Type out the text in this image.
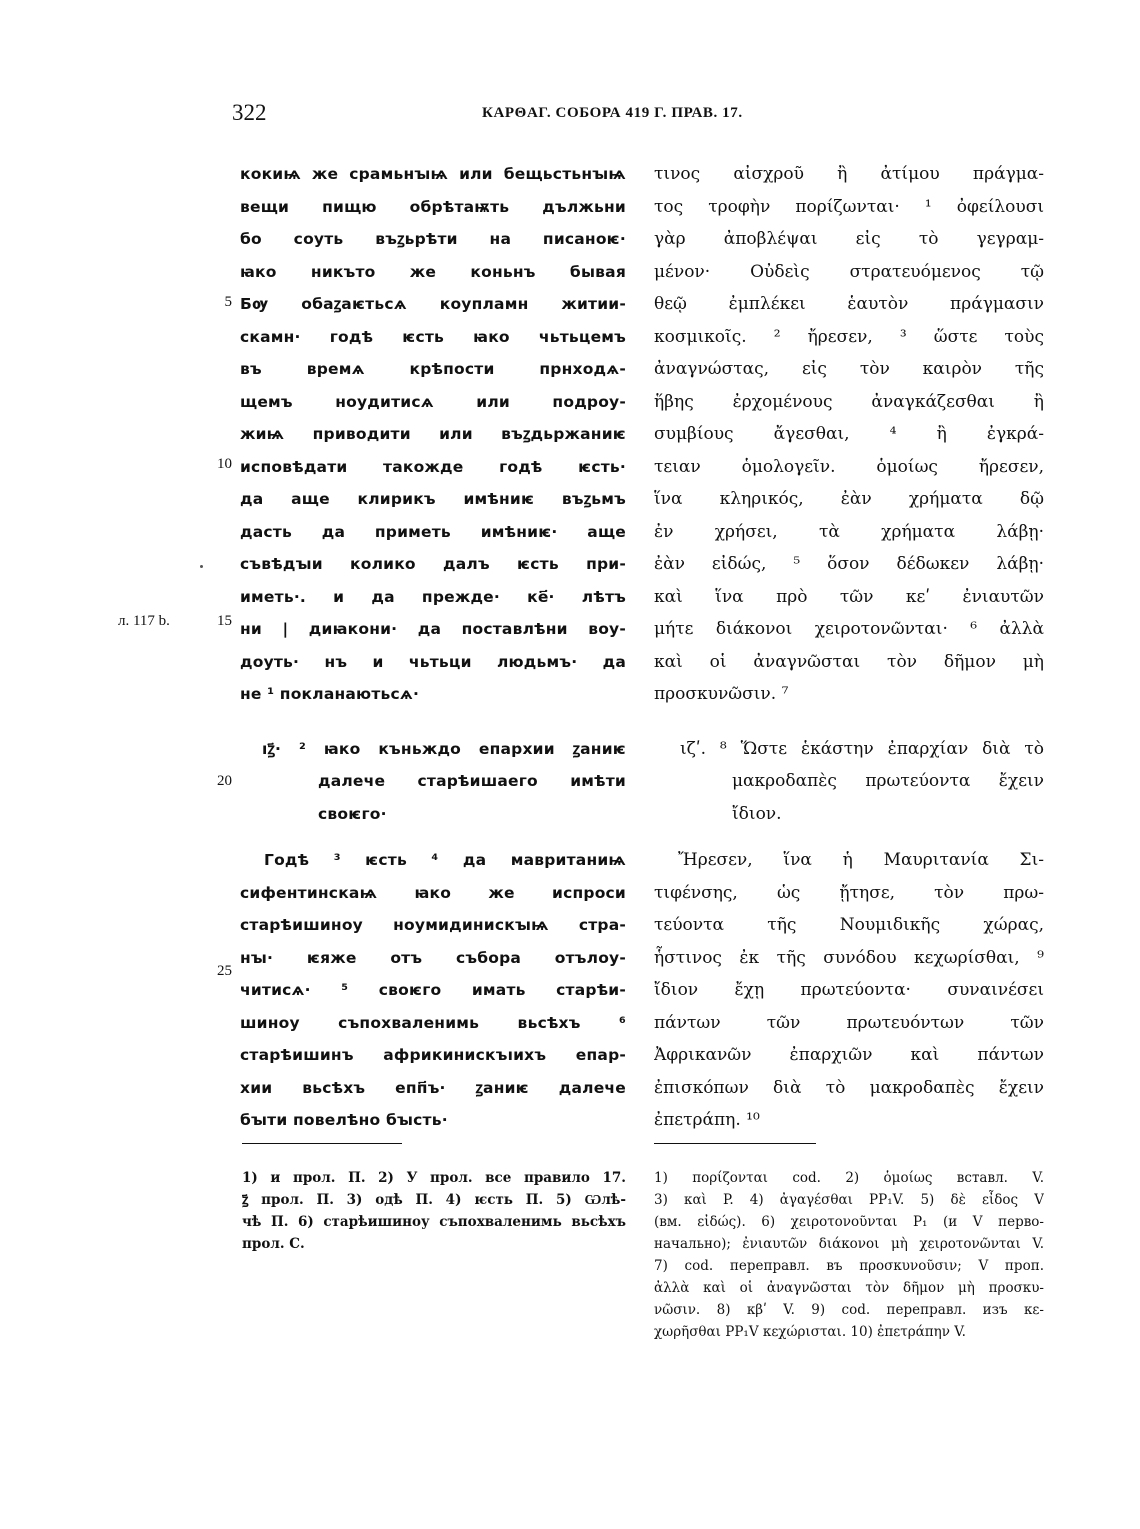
322	КАРΘАГ. СОБОРА 419 Г. ПРАВ. 17.
5
10
15
20
25
л. 117 b.
кокиѩ же срамьнꙑѩ или бещьстьнꙑѩ
вещи пищю обрѣтаѭть дължьни
бо соуть въꙁьрѣти на писаноѥ·
ꙗко никъто же коньнъ бывая
Бѹ обаꙁаѥтьсѧ коупламн житии-
скамн· годѣ ѥсть ꙗко чьтьцемъ
въ времѧ крѣпости прнходѧ-
щемъ ноудитисѧ или подроу-
жиѩ приводити или въꙁдьржаниѥ
исповѣдати такожде годѣ ѥсть·
да аще клирикъ имѣниѥ въꙁьмъ
дасть да приметь имѣниѥ· аще
съвѣдꙑи колико далъ ѥсть при-
иметь·. и да прежде· ке҃· лѣтъ
ни | диꙗкони· да поставлѣни воу-
доуть· нъ и чьтьци людьмъ· да
не ¹ покланаютьсѧ·
ıꙁ҃· ² ꙗко къньждо епархии ꙁаниѥ
далече старѣишаего имѣти
своѥго·
Годѣ ³ ѥсть ⁴ да мавританиѩ
сифентинскаѩ ꙗко же испроси
старѣишиноу ноумидинискꙑѩ стра-
нꙑ· ѥяже отъ събора отълоу-
читисѧ· ⁵ своѥго имать старѣи-
шиноу съпохваленимь вьсѣхъ ⁶
старѣишинъ африкинискъıихъ епар-
хии вьсѣхъ епп҃ъ· ꙁаниѥ далече
бꙑти повелѣно бꙑсть·
τινος αἰσχροῦ ἢ ἀτίμου πράγμα-
τος τροφὴν πορίζωνται· ¹ ὀφείλουσι
γὰρ ἀποβλέψαι εἰς τὸ γεγραμ-
μένον· Οὐδεὶς στρατευόμενος τῷ
θεῷ ἐμπλέκει ἑαυτὸν πράγμασιν
κοσμικοῖς. ² ἤρεσεν, ³ ὥστε τοὺς
ἀναγνώστας, εἰς τὸν καιρὸν τῆς
ἥβης ἐρχομένους ἀναγκάζεσθαι ἢ
συμβίους ἄγεσθαι, ⁴ ἢ ἐγκρά-
τειαν ὁμολογεῖν. ὁμοίως ἤρεσεν,
ἵνα κληρικός, ἐὰν χρήματα δῷ
ἐν χρήσει, τὰ χρήματα λάβῃ·
ἐὰν εἰδώς, ⁵ ὅσον δέδωκεν λάβῃ·
καὶ ἵνα πρὸ τῶν κεʹ ἐνιαυτῶν
μήτε διάκονοι χειροτονῶνται· ⁶ ἀλλὰ
καὶ οἱ ἀναγνῶσται τὸν δῆμον μὴ
προσκυνῶσιν. ⁷
ιζʹ. ⁸ Ὥστε ἑκάστην ἐπαρχίαν διὰ τὸ
μακροδαπὲς πρωτεύοντα ἔχειν
ἴδιον.
Ἤρεσεν, ἵνα ἡ Μαυριτανία Σι-
τιφένσης, ὡς ᾔτησε, τὸν πρω-
τεύοντα τῆς Νουμιδικῆς χώρας,
ἧστινος ἐκ τῆς συνόδου κεχωρίσθαι, ⁹
ἴδιον ἔχῃ πρωτεύοντα· συναινέσει
πάντων τῶν πρωτευόντων τῶν
Ἀφρικανῶν ἐπαρχιῶν καὶ πάντων
ἐπισκόπων διὰ τὸ μακροδαπὲς ἔχειν
ἐπετράπη. ¹⁰
1) и прол. П. 2) У прол. все правило 17.
ꙁ҃ прол. П. 3) одѣ П. 4) ѥсть П. 5) Ѡлѣ-
чѣ П. 6) старѣишиноу съпохваленимь вьсѣхъ
прол. С.
1) πορίζονται cod. 2) ὁμοίως вставл. V.
3) καὶ P. 4) ἀγαγέσθαι PP₁V. 5) δὲ εἶδος V
(вм. εἰδώς). 6) χειροτονοῦνται P₁ (и V перво-
начально); ἐνιαυτῶν διάκονοι μὴ χειροτονῶνται V.
7) cod. переправл. въ προσκυνοῦσιν; V проп.
ἀλλὰ καὶ οἱ ἀναγνῶσται τὸν δῆμον μὴ προσκυ-
νῶσιν. 8) κβʹ V. 9) cod. переправл. изъ κε-
χωρῆσθαι PP₁V κεχώρισται. 10) ἐπετράπην V.
